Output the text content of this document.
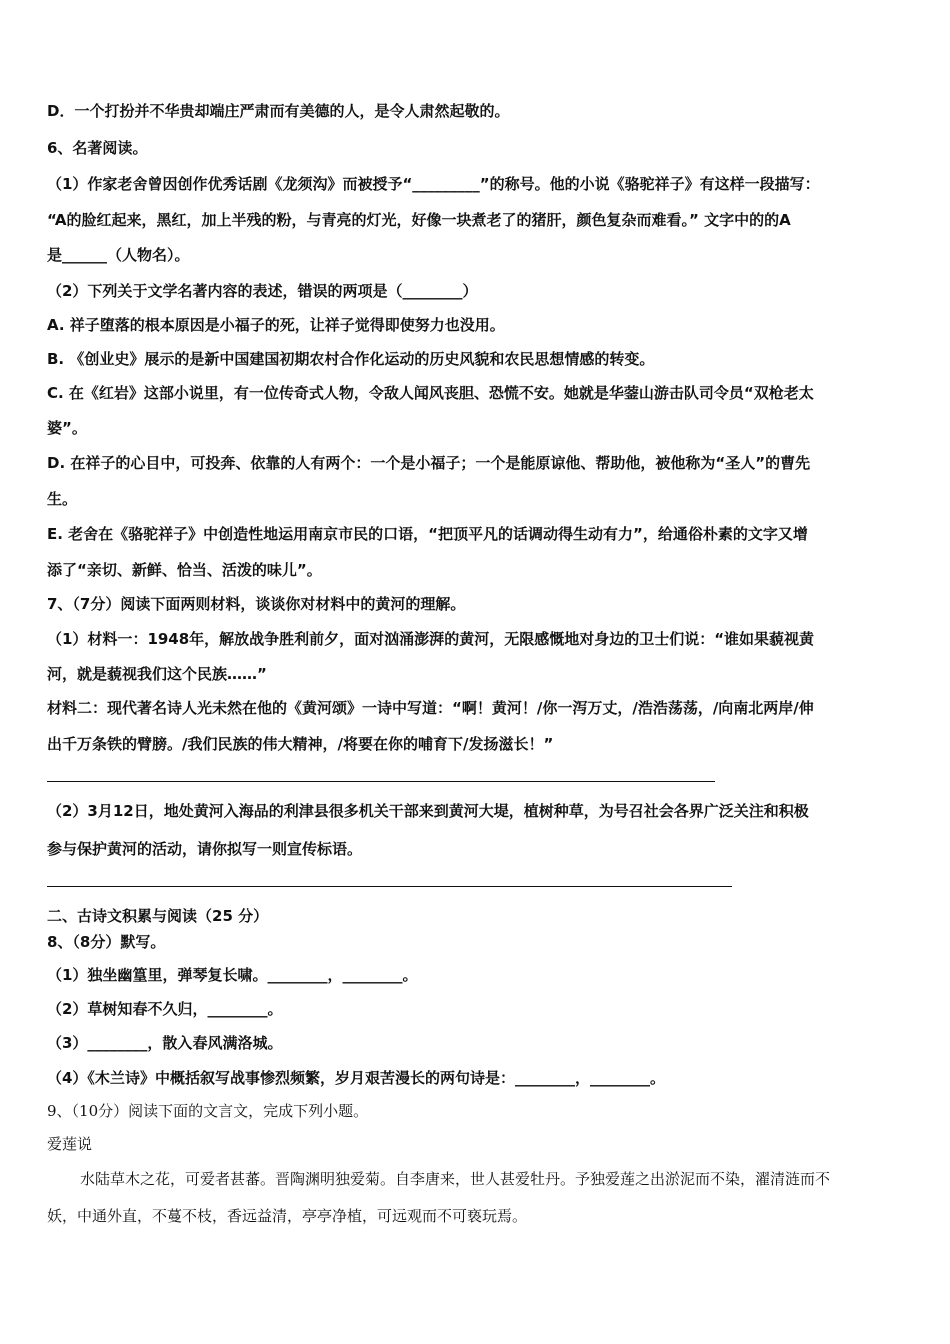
D．一个打扮并不华贵却端庄严肃而有美德的人，是令人肃然起敬的。
6、名著阅读。
（1）作家老舍曾因创作优秀话剧《龙须沟》而被授予“_________”的称号。他的小说《骆驼祥子》有这样一段描写：
“A的脸红起来，黑红，加上半残的粉，与青亮的灯光，好像一块煮老了的猪肝，颜色复杂而难看。” 文字中的的A
是______（人物名）。
（2）下列关于文学名著内容的表述，错误的两项是（________）
A. 祥子堕落的根本原因是小福子的死，让祥子觉得即使努力也没用。
B. 《创业史》展示的是新中国建国初期农村合作化运动的历史风貌和农民思想情感的转变。
C. 在《红岩》这部小说里，有一位传奇式人物，令敌人闻风丧胆、恐慌不安。她就是华蓥山游击队司令员“双枪老太
婆”。
D. 在祥子的心目中，可投奔、依靠的人有两个：一个是小福子；一个是能原谅他、帮助他，被他称为“圣人”的曹先
生。
E. 老舍在《骆驼祥子》中创造性地运用南京市民的口语，“把顶平凡的话调动得生动有力”，给通俗朴素的文字又增
添了“亲切、新鲜、恰当、活泼的味儿”。
7、（7分）阅读下面两则材料，谈谈你对材料中的黄河的理解。
（1）材料一：1948年，解放战争胜利前夕，面对汹涌澎湃的黄河，无限感慨地对身边的卫士们说：“谁如果藐视黄
河，就是藐视我们这个民族……”
材料二：现代著名诗人光未然在他的《黄河颂》一诗中写道：“啊！黄河！/你一泻万丈，/浩浩荡荡，/向南北两岸/伸
出千万条铁的臂膀。/我们民族的伟大精神，/将要在你的哺育下/发扬滋长！”
（2）3月12日，地处黄河入海品的利津县很多机关干部来到黄河大堤，植树种草，为号召社会各界广泛关注和积极
参与保护黄河的活动，请你拟写一则宣传标语。
二、古诗文积累与阅读（25 分）
8、（8分）默写。
（1）独坐幽篁里，弹琴复长啸。________，________。
（2）草树知春不久归，________。
（3）________，散入春风满洛城。
（4）《木兰诗》中概括叙写战事惨烈频繁，岁月艰苦漫长的两句诗是：________，________。
9、（10分）阅读下面的文言文，完成下列小题。
爱莲说
水陆草木之花，可爱者甚蕃。晋陶渊明独爱菊。自李唐来，世人甚爱牡丹。予独爱莲之出淤泥而不染，濯清涟而不
妖，中通外直，不蔓不枝，香远益清，亭亭净植，可远观而不可亵玩焉。
